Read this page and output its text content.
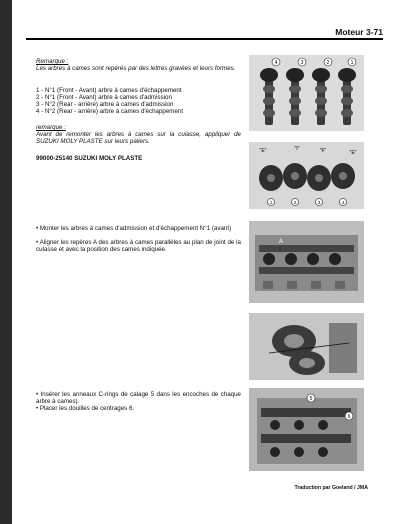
Moteur 3-71
Remarque :
Les arbres à cames sont repérés par des lettres gravées et leurs formes.
1 - N°1 (Front - Avant) arbre à cames d'échappement
2 - N°1 (Front - Avant) arbre à cames d'admission
3 - N°2 (Rear - arrière) arbre à cames d'admission
4 - N°2 (Rear - arrière) arbre à cames d'échappement
remarque :
Avant de remonter les arbres à cames sur la culasse, appliquer de SUZUKI MOLY PLASTE sur leurs paliers.
99000-25140 SUZUKI MOLY PLASTE
• Monter les arbres à cames d'admission et d'échappement N°1 (avant)
• Aligner les repères A des arbres à cames parallèles au plan de joint de la culasse et avec la position des cames indiquée.
• Insérer les anneaux C-rings de calage 5 dans les encoches de chaque arbre à cames).
• Placer les douilles de centrages 6.
4	3	2	1
"E"	"I"	"F"	"E"
1	2	3	4
A
5
6
Traduction par Goeland / JMA
